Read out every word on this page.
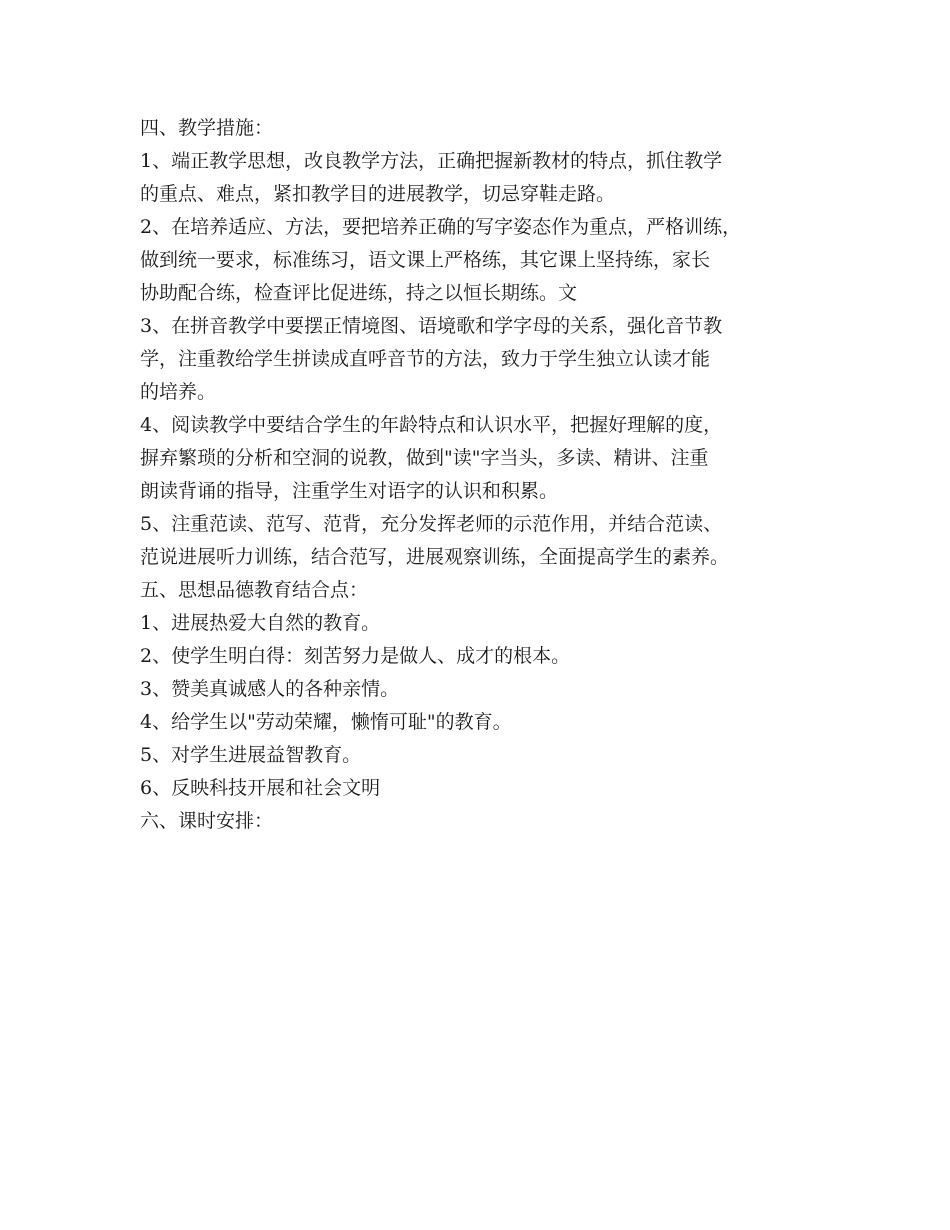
四、教学措施：
1、端正教学思想，改良教学方法，正确把握新教材的特点，抓住教学
的重点、难点，紧扣教学目的进展教学，切忌穿鞋走路。
2、在培养适应、方法，要把培养正确的写字姿态作为重点，严格训练，
做到统一要求，标准练习，语文课上严格练，其它课上坚持练，家长
协助配合练，检查评比促进练，持之以恒长期练。文
3、在拼音教学中要摆正情境图、语境歌和学字母的关系，强化音节教
学，注重教给学生拼读成直呼音节的方法，致力于学生独立认读才能
的培养。
4、阅读教学中要结合学生的年龄特点和认识水平，把握好理解的度，
摒弃繁琐的分析和空洞的说教，做到"读"字当头，多读、精讲、注重
朗读背诵的指导，注重学生对语字的认识和积累。
5、注重范读、范写、范背，充分发挥老师的示范作用，并结合范读、
范说进展听力训练，结合范写，进展观察训练，全面提高学生的素养。
五、思想品德教育结合点：
1、进展热爱大自然的教育。
2、使学生明白得：刻苦努力是做人、成才的根本。
3、赞美真诚感人的各种亲情。
4、给学生以"劳动荣耀，懒惰可耻"的教育。
5、对学生进展益智教育。
6、反映科技开展和社会文明
六、课时安排：
